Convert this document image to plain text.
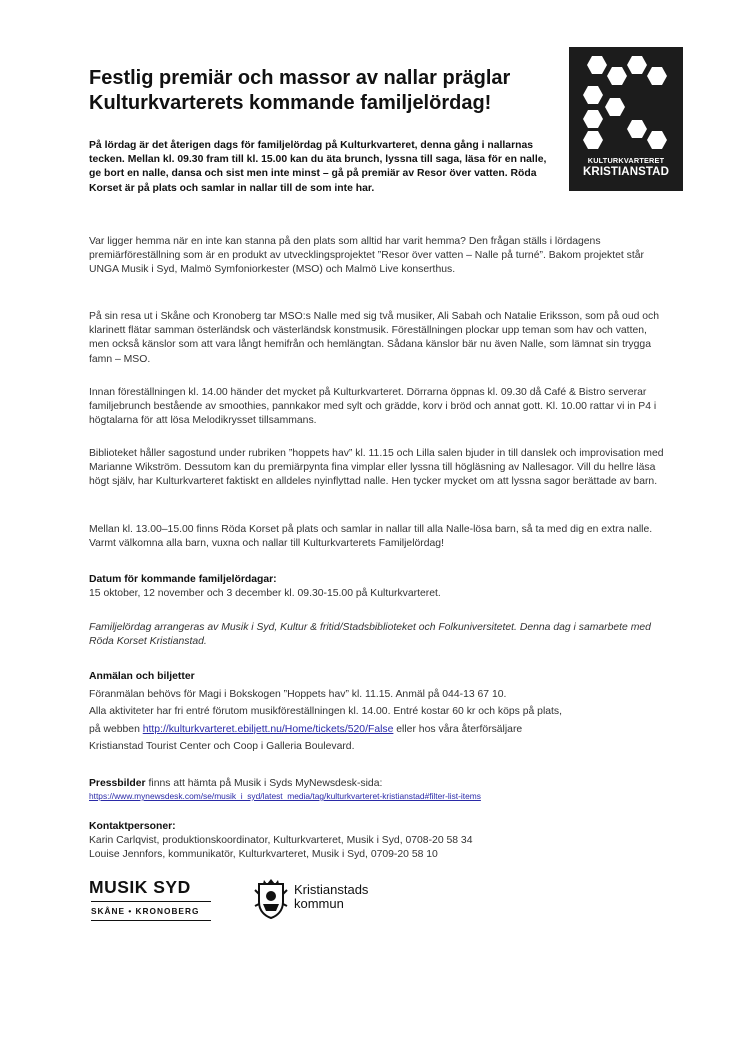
Festlig premiär och massor av nallar präglar Kulturkvarterets kommande familjelördag!
KULTURKVARTERET
KRISTIANSTAD

På lördag är det återigen dags för familjelördag på Kulturkvarteret, denna gång i nallarnas tecken. Mellan kl. 09.30 fram till kl. 15.00 kan du äta brunch, lyssna till saga, läsa för en nalle, ge bort en nalle, dansa och sist men inte minst – gå på premiär av Resor över vatten. Röda Korset är på plats och samlar in nallar till de som inte har.

Var ligger hemma när en inte kan stanna på den plats som alltid har varit hemma? Den frågan ställs i lördagens premiärföreställning som är en produkt av utvecklingsprojektet ”Resor över vatten – Nalle på turné”. Bakom projektet står UNGA Musik i Syd, Malmö Symfoniorkester (MSO) och Malmö Live konserthus.

På sin resa ut i Skåne och Kronoberg tar MSO:s Nalle med sig två musiker, Ali Sabah och Natalie Eriksson, som på oud och klarinett flätar samman österländsk och västerländsk konstmusik. Föreställningen plockar upp teman som hav och vatten, men också känslor som att vara långt hemifrån och hemlängtan. Sådana känslor bär nu även Nalle, som lämnat sin trygga famn – MSO.

Innan föreställningen kl. 14.00 händer det mycket på Kulturkvarteret. Dörrarna öppnas kl. 09.30 då Café & Bistro serverar familjebrunch bestående av smoothies, pannkakor med sylt och grädde, korv i bröd och annat gott. Kl. 10.00 rattar vi in P4 i högtalarna för att lösa Melodikrysset tillsammans.

Biblioteket håller sagostund under rubriken ”hoppets hav” kl. 11.15 och Lilla salen bjuder in till danslek och improvisation med Marianne Wikström. Dessutom kan du premiärpynta fina vimplar eller lyssna till högläsning av Nallesagor. Vill du hellre läsa högt själv, har Kulturkvarteret faktiskt en alldeles nyinflyttad nalle. Hen tycker mycket om att lyssna sagor berättade av barn.

Mellan kl. 13.00–15.00 finns Röda Korset på plats och samlar in nallar till alla Nalle-lösa barn, så ta med dig en extra nalle. Varmt välkomna alla barn, vuxna och nallar till Kulturkvarterets Familjelördag!

Datum för kommande familjelördagar:
15 oktober, 12 november och 3 december kl. 09.30-15.00 på Kulturkvarteret.

Familjelördag arrangeras av Musik i Syd, Kultur & fritid/Stadsbiblioteket och Folkuniversitetet. Denna dag i samarbete med Röda Korset Kristianstad.

Anmälan och biljetter
Föranmälan behövs för Magi i Bokskogen ”Hoppets hav” kl. 11.15. Anmäl på 044-13 67 10.
Alla aktiviteter har fri entré förutom musikföreställningen kl. 14.00. Entré kostar 60 kr och köps på plats,
på webben http://kulturkvarteret.ebiljett.nu/Home/tickets/520/False eller hos våra återförsäljare
Kristianstad Tourist Center och Coop i Galleria Boulevard.
Pressbilder finns att hämta på Musik i Syds MyNewsdesk-sida:
https://www.mynewsdesk.com/se/musik_i_syd/latest_media/tag/kulturkvarteret-kristianstad#filter-list-items
Kontaktpersoner:
Karin Carlqvist, produktionskoordinator, Kulturkvarteret, Musik i Syd, 0708-20 58 34
Louise Jennfors, kommunikatör, Kulturkvarteret, Musik i Syd, 0709-20 58 10
MUSIK SYD
SKÅNE • KRONOBERG
Kristianstads
kommun
